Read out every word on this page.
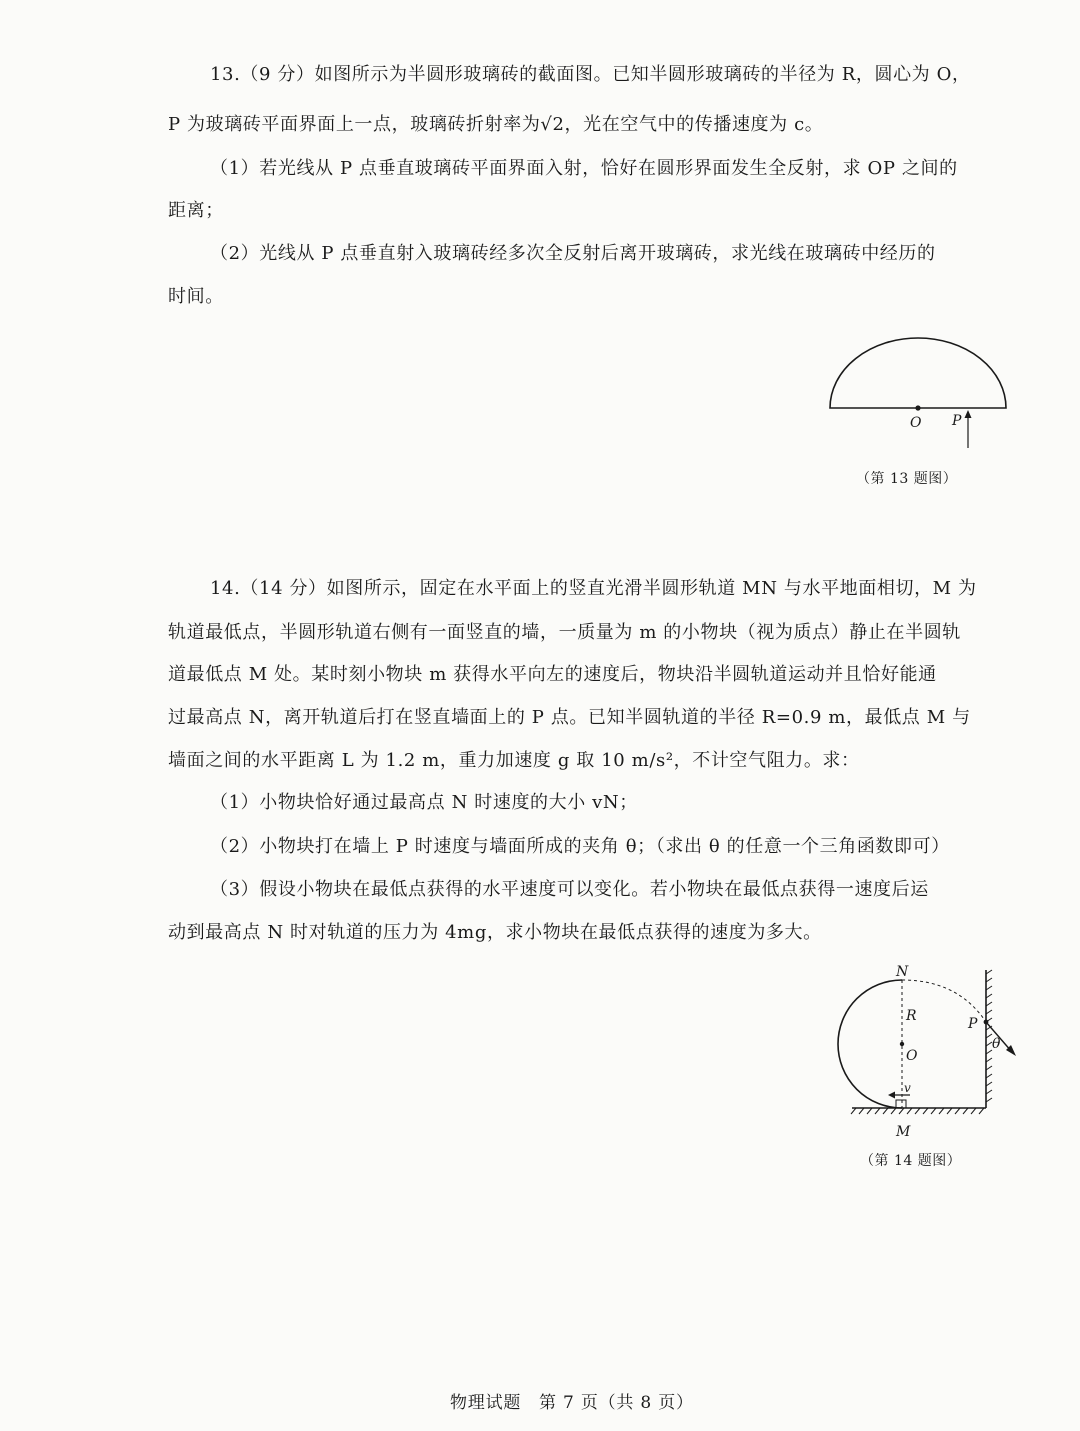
13.（9 分）如图所示为半圆形玻璃砖的截面图。已知半圆形玻璃砖的半径为 R，圆心为 O，
P 为玻璃砖平面界面上一点，玻璃砖折射率为√2，光在空气中的传播速度为 c。
（1）若光线从 P 点垂直玻璃砖平面界面入射，恰好在圆形界面发生全反射，求 OP 之间的
距离；
（2）光线从 P 点垂直射入玻璃砖经多次全反射后离开玻璃砖，求光线在玻璃砖中经历的
时间。
O P
（第 13 题图）
14.（14 分）如图所示，固定在水平面上的竖直光滑半圆形轨道 MN 与水平地面相切，M 为
轨道最低点，半圆形轨道右侧有一面竖直的墙，一质量为 m 的小物块（视为质点）静止在半圆轨
道最低点 M 处。某时刻小物块 m 获得水平向左的速度后，物块沿半圆轨道运动并且恰好能通
过最高点 N，离开轨道后打在竖直墙面上的 P 点。已知半圆轨道的半径 R=0.9 m，最低点 M 与
墙面之间的水平距离 L 为 1.2 m，重力加速度 g 取 10 m/s²，不计空气阻力。求：
（1）小物块恰好通过最高点 N 时速度的大小 vN；
（2）小物块打在墙上 P 时速度与墙面所成的夹角 θ；（求出 θ 的任意一个三角函数即可）
（3）假设小物块在最低点获得的水平速度可以变化。若小物块在最低点获得一速度后运
动到最高点 N 时对轨道的压力为 4mg，求小物块在最低点获得的速度为多大。
N
R
O
P
θ
v
M
（第 14 题图）
物理试题　第 7 页（共 8 页）
